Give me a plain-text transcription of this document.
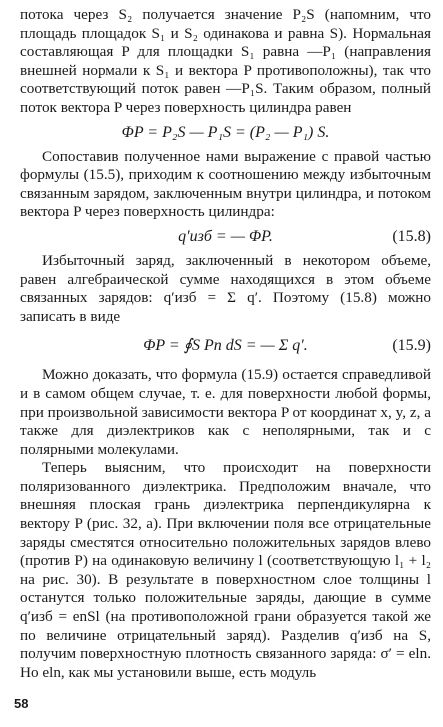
потока через S₂ получается значение P₂S (напомним, что площадь площадок S₁ и S₂ одинакова и равна S). Нормальная составляющая P для площадки S₁ равна —P₁ (направления внешней нормали к S₁ и вектора P противоположны), так что соответствующий поток равен —P₁S. Таким образом, полный поток вектора P через поверхность цилиндра равен

ΦP = P₂S — P₁S = (P₂ — P₁) S.

Сопоставив полученное нами выражение с правой частью формулы (15.5), приходим к соотношению между избыточным связанным зарядом, заключенным внутри цилиндра, и потоком вектора P через поверхность цилиндра:

q′изб = — ΦP.	(15.8)

Избыточный заряд, заключенный в некотором объеме, равен алгебраической сумме находящихся в этом объеме связанных зарядов: q′изб = Σ q′. Поэтому (15.8) можно записать в виде

ΦP = ∮S Pn dS = — Σ q′.	(15.9)

Можно доказать, что формула (15.9) остается справедливой и в самом общем случае, т. е. для поверхности любой формы, при произвольной зависимости вектора P от координат x, y, z, а также для диэлектриков как с неполярными, так и с полярными молекулами.

Теперь выясним, что происходит на поверхности поляризованного диэлектрика. Предположим вначале, что внешняя плоская грань диэлектрика перпендикулярна к вектору P (рис. 32, a). При включении поля все отрицательные заряды сместятся относительно положительных зарядов влево (против P) на одинаковую величину l (соответствующую l₁ + l₂ на рис. 30). В результате в поверхностном слое толщины l останутся только положительные заряды, дающие в сумме q′изб = enSl (на противоположной грани образуется такой же по величине отрицательный заряд). Разделив q′изб на S, получим поверхностную плотность связанного заряда: σ′ = eln. Но eln, как мы установили выше, есть модуль

58
